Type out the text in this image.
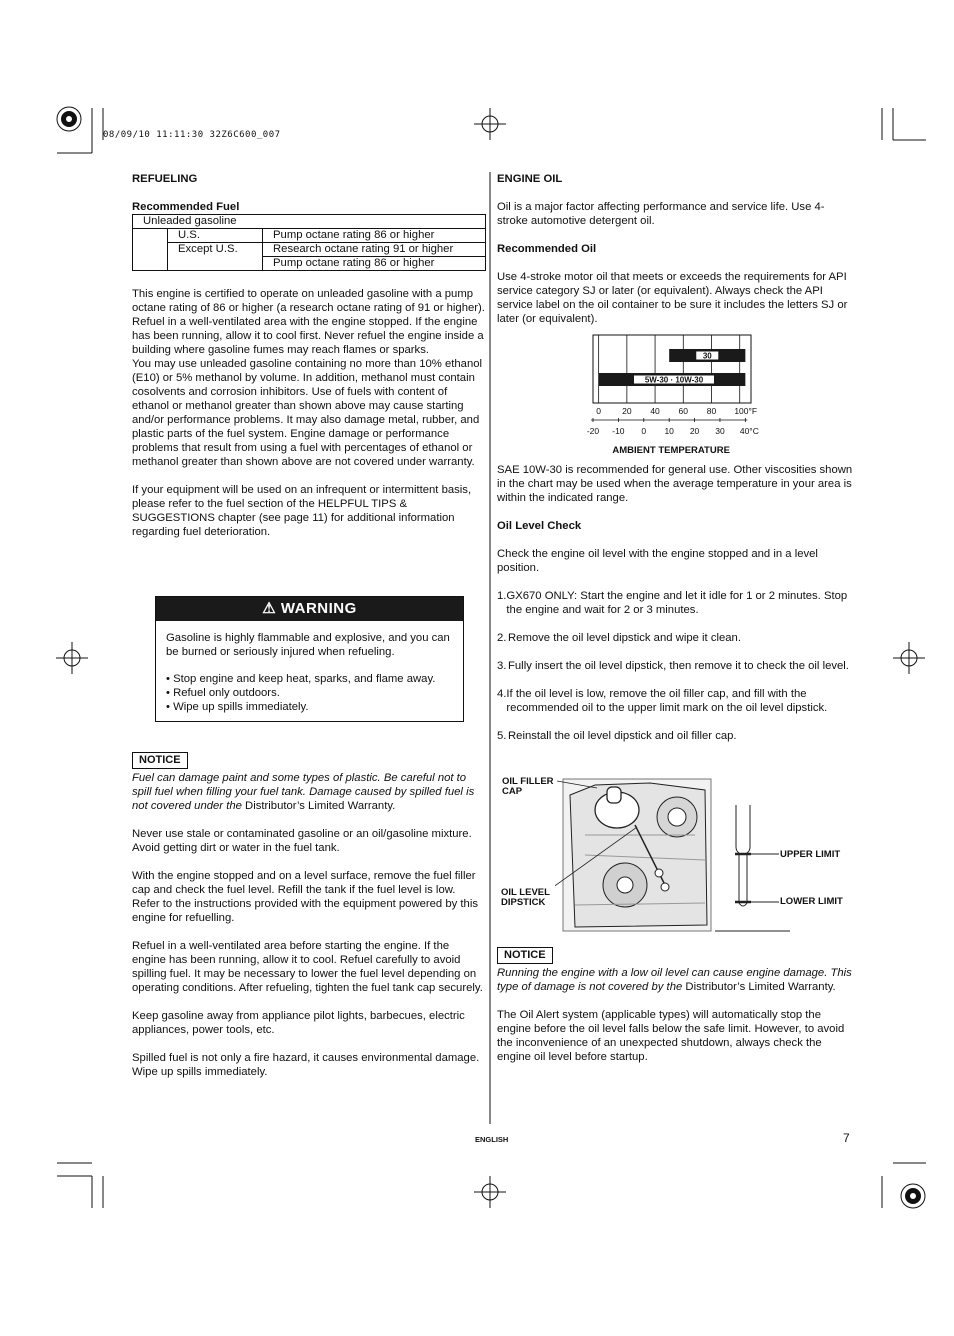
08/09/10 11:11:30 32Z6C600_007
REFUELING
Recommended Fuel
Unleaded gasoline		
	U.S.	Pump octane rating 86 or higher
	Except U.S.	Research octane rating 91 or higher
		Pump octane rating 86 or higher

This engine is certified to operate on unleaded gasoline with a pump octane rating of 86 or higher (a research octane rating of 91 or higher).

Refuel in a well-ventilated area with the engine stopped. If the engine has been running, allow it to cool first. Never refuel the engine inside a building where gasoline fumes may reach flames or sparks.

You may use unleaded gasoline containing no more than 10% ethanol (E10) or 5% methanol by volume. In addition, methanol must contain cosolvents and corrosion inhibitors. Use of fuels with content of ethanol or methanol greater than shown above may cause starting and/or performance problems. It may also damage metal, rubber, and plastic parts of the fuel system. Engine damage or performance problems that result from using a fuel with percentages of ethanol or methanol greater than shown above are not covered under warranty.

If your equipment will be used on an infrequent or intermittent basis, please refer to the fuel section of the HELPFUL TIPS & SUGGESTIONS chapter (see page 11) for additional information regarding fuel deterioration.

⚠ WARNING

Gasoline is highly flammable and explosive, and you can be burned or seriously injured when refueling.

• Stop engine and keep heat, sparks, and flame away.
• Refuel only outdoors.
• Wipe up spills immediately.
NOTICE

Fuel can damage paint and some types of plastic. Be careful not to spill fuel when filling your fuel tank. Damage caused by spilled fuel is not covered under the Distributor’s Limited Warranty.

Never use stale or contaminated gasoline or an oil/gasoline mixture. Avoid getting dirt or water in the fuel tank.

With the engine stopped and on a level surface, remove the fuel filler cap and check the fuel level. Refill the tank if the fuel level is low.

Refer to the instructions provided with the equipment powered by this engine for refuelling.

Refuel in a well-ventilated area before starting the engine. If the engine has been running, allow it to cool. Refuel carefully to avoid spilling fuel. It may be necessary to lower the fuel level depending on operating conditions. After refueling, tighten the fuel tank cap securely.

Keep gasoline away from appliance pilot lights, barbecues, electric appliances, power tools, etc.

Spilled fuel is not only a fire hazard, it causes environmental damage. Wipe up spills immediately.

ENGINE OIL

Oil is a major factor affecting performance and service life. Use 4-stroke automotive detergent oil.

Recommended Oil

Use 4-stroke motor oil that meets or exceeds the requirements for API service category SJ or later (or equivalent). Always check the API service label on the oil container to be sure it includes the letters SJ or later (or equivalent).

30
5W-30 · 10W-30
0 20 40 60 80 100°F
-20 -10 0 10 20 30 40°C
AMBIENT TEMPERATURE

SAE 10W-30 is recommended for general use. Other viscosities shown in the chart may be used when the average temperature in your area is within the indicated range.

Oil Level Check

Check the engine oil level with the engine stopped and in a level position.

1. GX670 ONLY: Start the engine and let it idle for 1 or 2 minutes. Stop the engine and wait for 2 or 3 minutes.
2. Remove the oil level dipstick and wipe it clean.
3. Fully insert the oil level dipstick, then remove it to check the oil level.
4. If the oil level is low, remove the oil filler cap, and fill with the recommended oil to the upper limit mark on the oil level dipstick.
5. Reinstall the oil level dipstick and oil filler cap.
OIL FILLER
CAP
OIL LEVEL
DIPSTICK
UPPER LIMIT
LOWER LIMIT
NOTICE

Running the engine with a low oil level can cause engine damage. This type of damage is not covered by the Distributor’s Limited Warranty.

The Oil Alert system (applicable types) will automatically stop the engine before the oil level falls below the safe limit. However, to avoid the inconvenience of an unexpected shutdown, always check the engine oil level before startup.

ENGLISH	7
